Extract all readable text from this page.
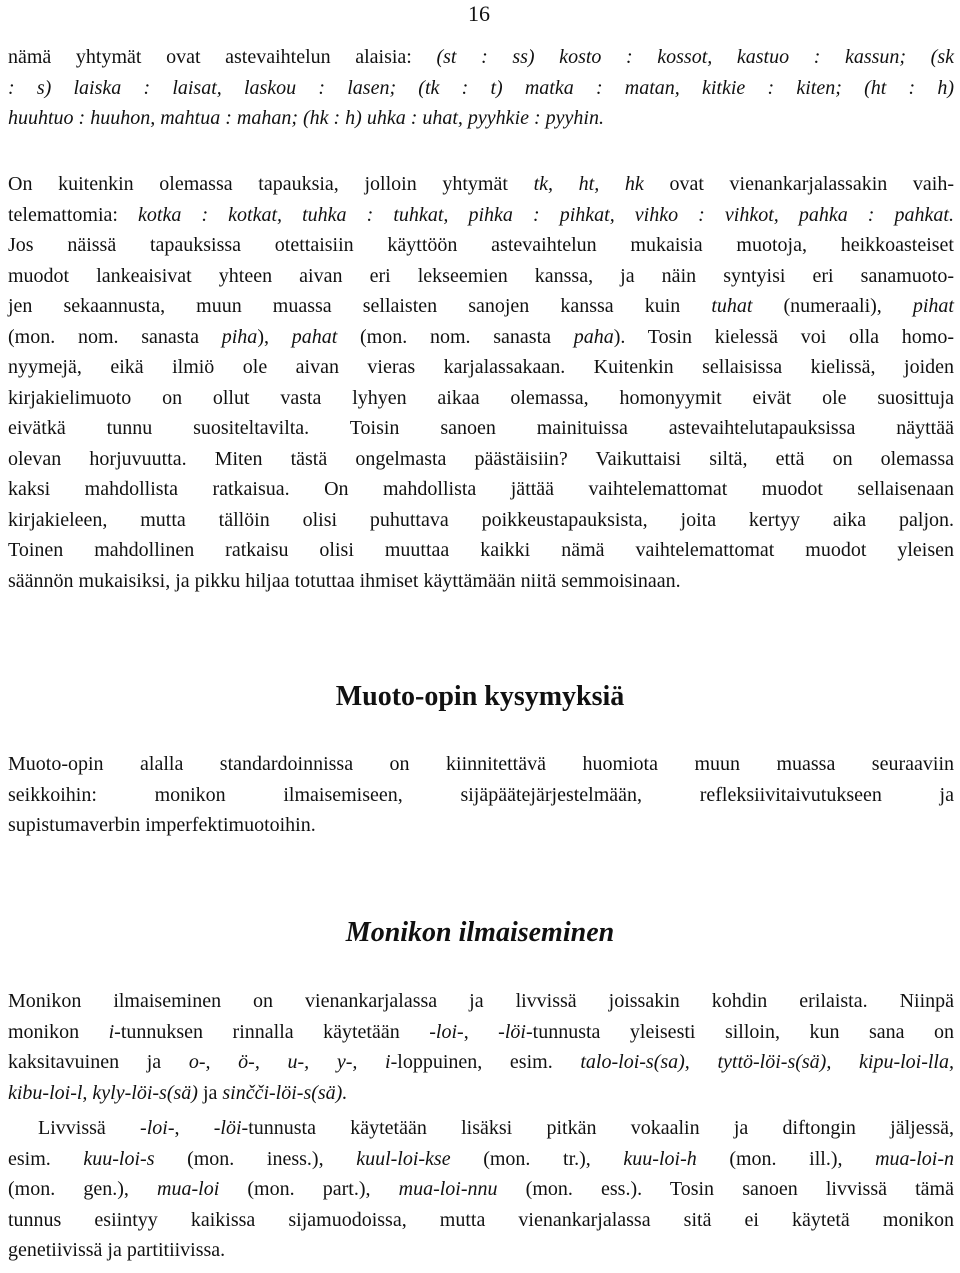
16
nämä yhtymät ovat astevaihtelun alaisia: (st : ss) kosto : kossot, kastuo : kassun; (sk
: s) laiska : laisat, laskou : lasen; (tk : t) matka : matan, kitkie : kiten; (ht : h)
huuhtuo : huuhon, mahtua : mahan; (hk : h) uhka : uhat, pyyhkie : pyyhin.
On kuitenkin olemassa tapauksia, jolloin yhtymät tk, ht, hk ovat vienankarjalassakin vaih-
telemattomia: kotka : kotkat, tuhka : tuhkat, pihka : pihkat, vihko : vihkot, pahka : pahkat.
Jos näissä tapauksissa otettaisiin käyttöön astevaihtelun mukaisia muotoja, heikkoasteiset
muodot lankeaisivat yhteen aivan eri lekseemien kanssa, ja näin syntyisi eri sanamuoto-
jen sekaannusta, muun muassa sellaisten sanojen kanssa kuin tuhat (numeraali), pihat
(mon. nom. sanasta piha), pahat (mon. nom. sanasta paha). Tosin kielessä voi olla homo-
nyymejä, eikä ilmiö ole aivan vieras karjalassakaan. Kuitenkin sellaisissa kielissä, joiden
kirjakielimuoto on ollut vasta lyhyen aikaa olemassa, homonyymit eivät ole suosittuja
eivätkä tunnu suositeltavilta. Toisin sanoen mainituissa astevaihtelutapauksissa näyttää
olevan horjuvuutta. Miten tästä ongelmasta päästäisiin? Vaikuttaisi siltä, että on olemassa
kaksi mahdollista ratkaisua. On mahdollista jättää vaihtelemattomat muodot sellaisenaan
kirjakieleen, mutta tällöin olisi puhuttava poikkeustapauksista, joita kertyy aika paljon.
Toinen mahdollinen ratkaisu olisi muuttaa kaikki nämä vaihtelemattomat muodot yleisen
säännön mukaisiksi, ja pikku hiljaa totuttaa ihmiset käyttämään niitä semmoisinaan.
Muoto-opin kysymyksiä
Muoto-opin alalla standardoinnissa on kiinnitettävä huomiota muun muassa seuraaviin
seikkoihin: monikon ilmaisemiseen, sijäpäätejärjestelmään, refleksiivitaivutukseen ja
supistumaverbin imperfektimuotoihin.
Monikon ilmaiseminen
Monikon ilmaiseminen on vienankarjalassa ja livvissä joissakin kohdin erilaista. Niinpä
monikon i-tunnuksen rinnalla käytetään -loi-, -löi-tunnusta yleisesti silloin, kun sana on
kaksitavuinen ja o-, ö-, u-, y-, i-loppuinen, esim. talo-loi-s(sa), tyttö-löi-s(sä), kipu-loi-lla,
kibu-loi-l, kyly-löi-s(sä) ja sinčči-löi-s(sä).
Livvissä -loi-, -löi-tunnusta käytetään lisäksi pitkän vokaalin ja diftongin jäljessä,
esim. kuu-loi-s (mon. iness.), kuul-loi-kse (mon. tr.), kuu-loi-h (mon. ill.), mua-loi-n
(mon. gen.), mua-loi (mon. part.), mua-loi-nnu (mon. ess.). Tosin sanoen livvissä tämä
tunnus esiintyy kaikissa sijamuodoissa, mutta vienankarjalassa sitä ei käytetä monikon
genetiivissä ja partitiivissa.
